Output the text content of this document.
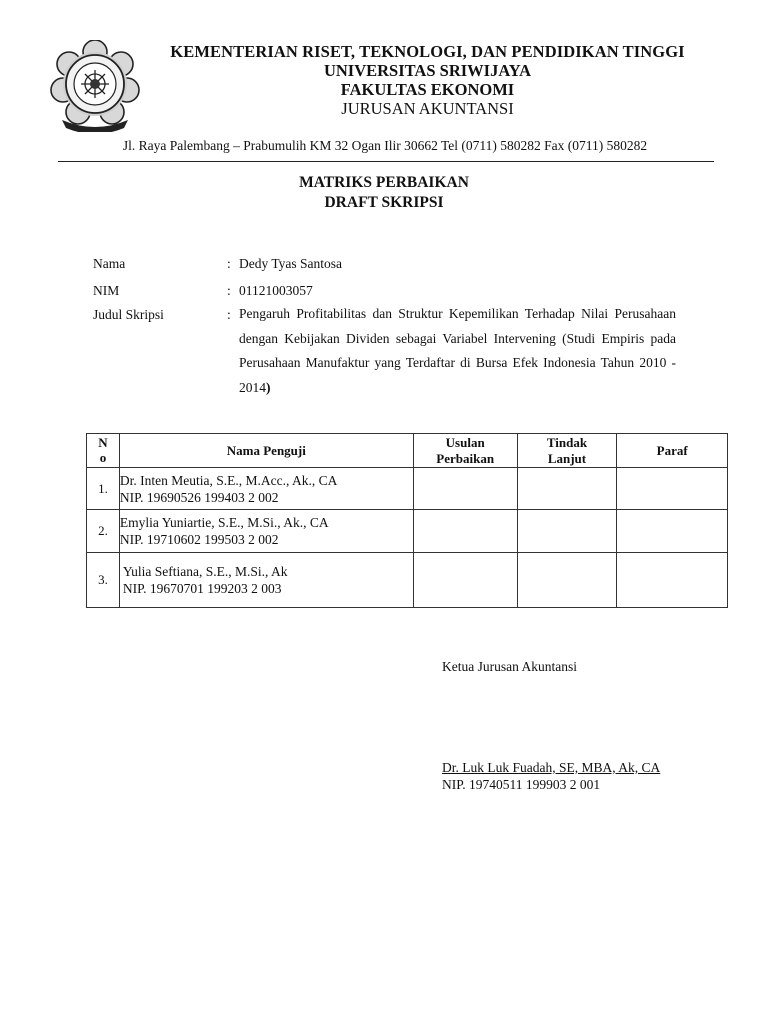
KEMENTERIAN RISET, TEKNOLOGI, DAN PENDIDIKAN TINGGI
UNIVERSITAS SRIWIJAYA
FAKULTAS EKONOMI
JURUSAN AKUNTANSI
Jl. Raya Palembang – Prabumulih KM 32 Ogan Ilir 30662 Tel (0711) 580282 Fax (0711) 580282
MATRIKS PERBAIKAN
DRAFT SKRIPSI
Nama	: Dedy Tyas Santosa
NIM	: 01121003057
Judul Skripsi	: Pengaruh Profitabilitas dan Struktur Kepemilikan Terhadap Nilai Perusahaan dengan Kebijakan Dividen sebagai Variabel Intervening (Studi Empiris pada Perusahaan Manufaktur yang Terdaftar di Bursa Efek Indonesia Tahun 2010 - 2014)
N o	Nama Penguji	Usulan Perbaikan	Tindak Lanjut	Paraf
1.	Dr. Inten Meutia, S.E., M.Acc., Ak., CA
NIP. 19690526 199403 2 002			

2.	Emylia Yuniartie, S.E., M.Si., Ak., CA
NIP. 19710602 199503 2 002			

3.	Yulia Seftiana, S.E., M.Si., Ak
NIP. 19670701 199203 2 003			

Ketua Jurusan Akuntansi
Dr. Luk Luk Fuadah, SE, MBA, Ak, CA
NIP. 19740511 199903 2 001
